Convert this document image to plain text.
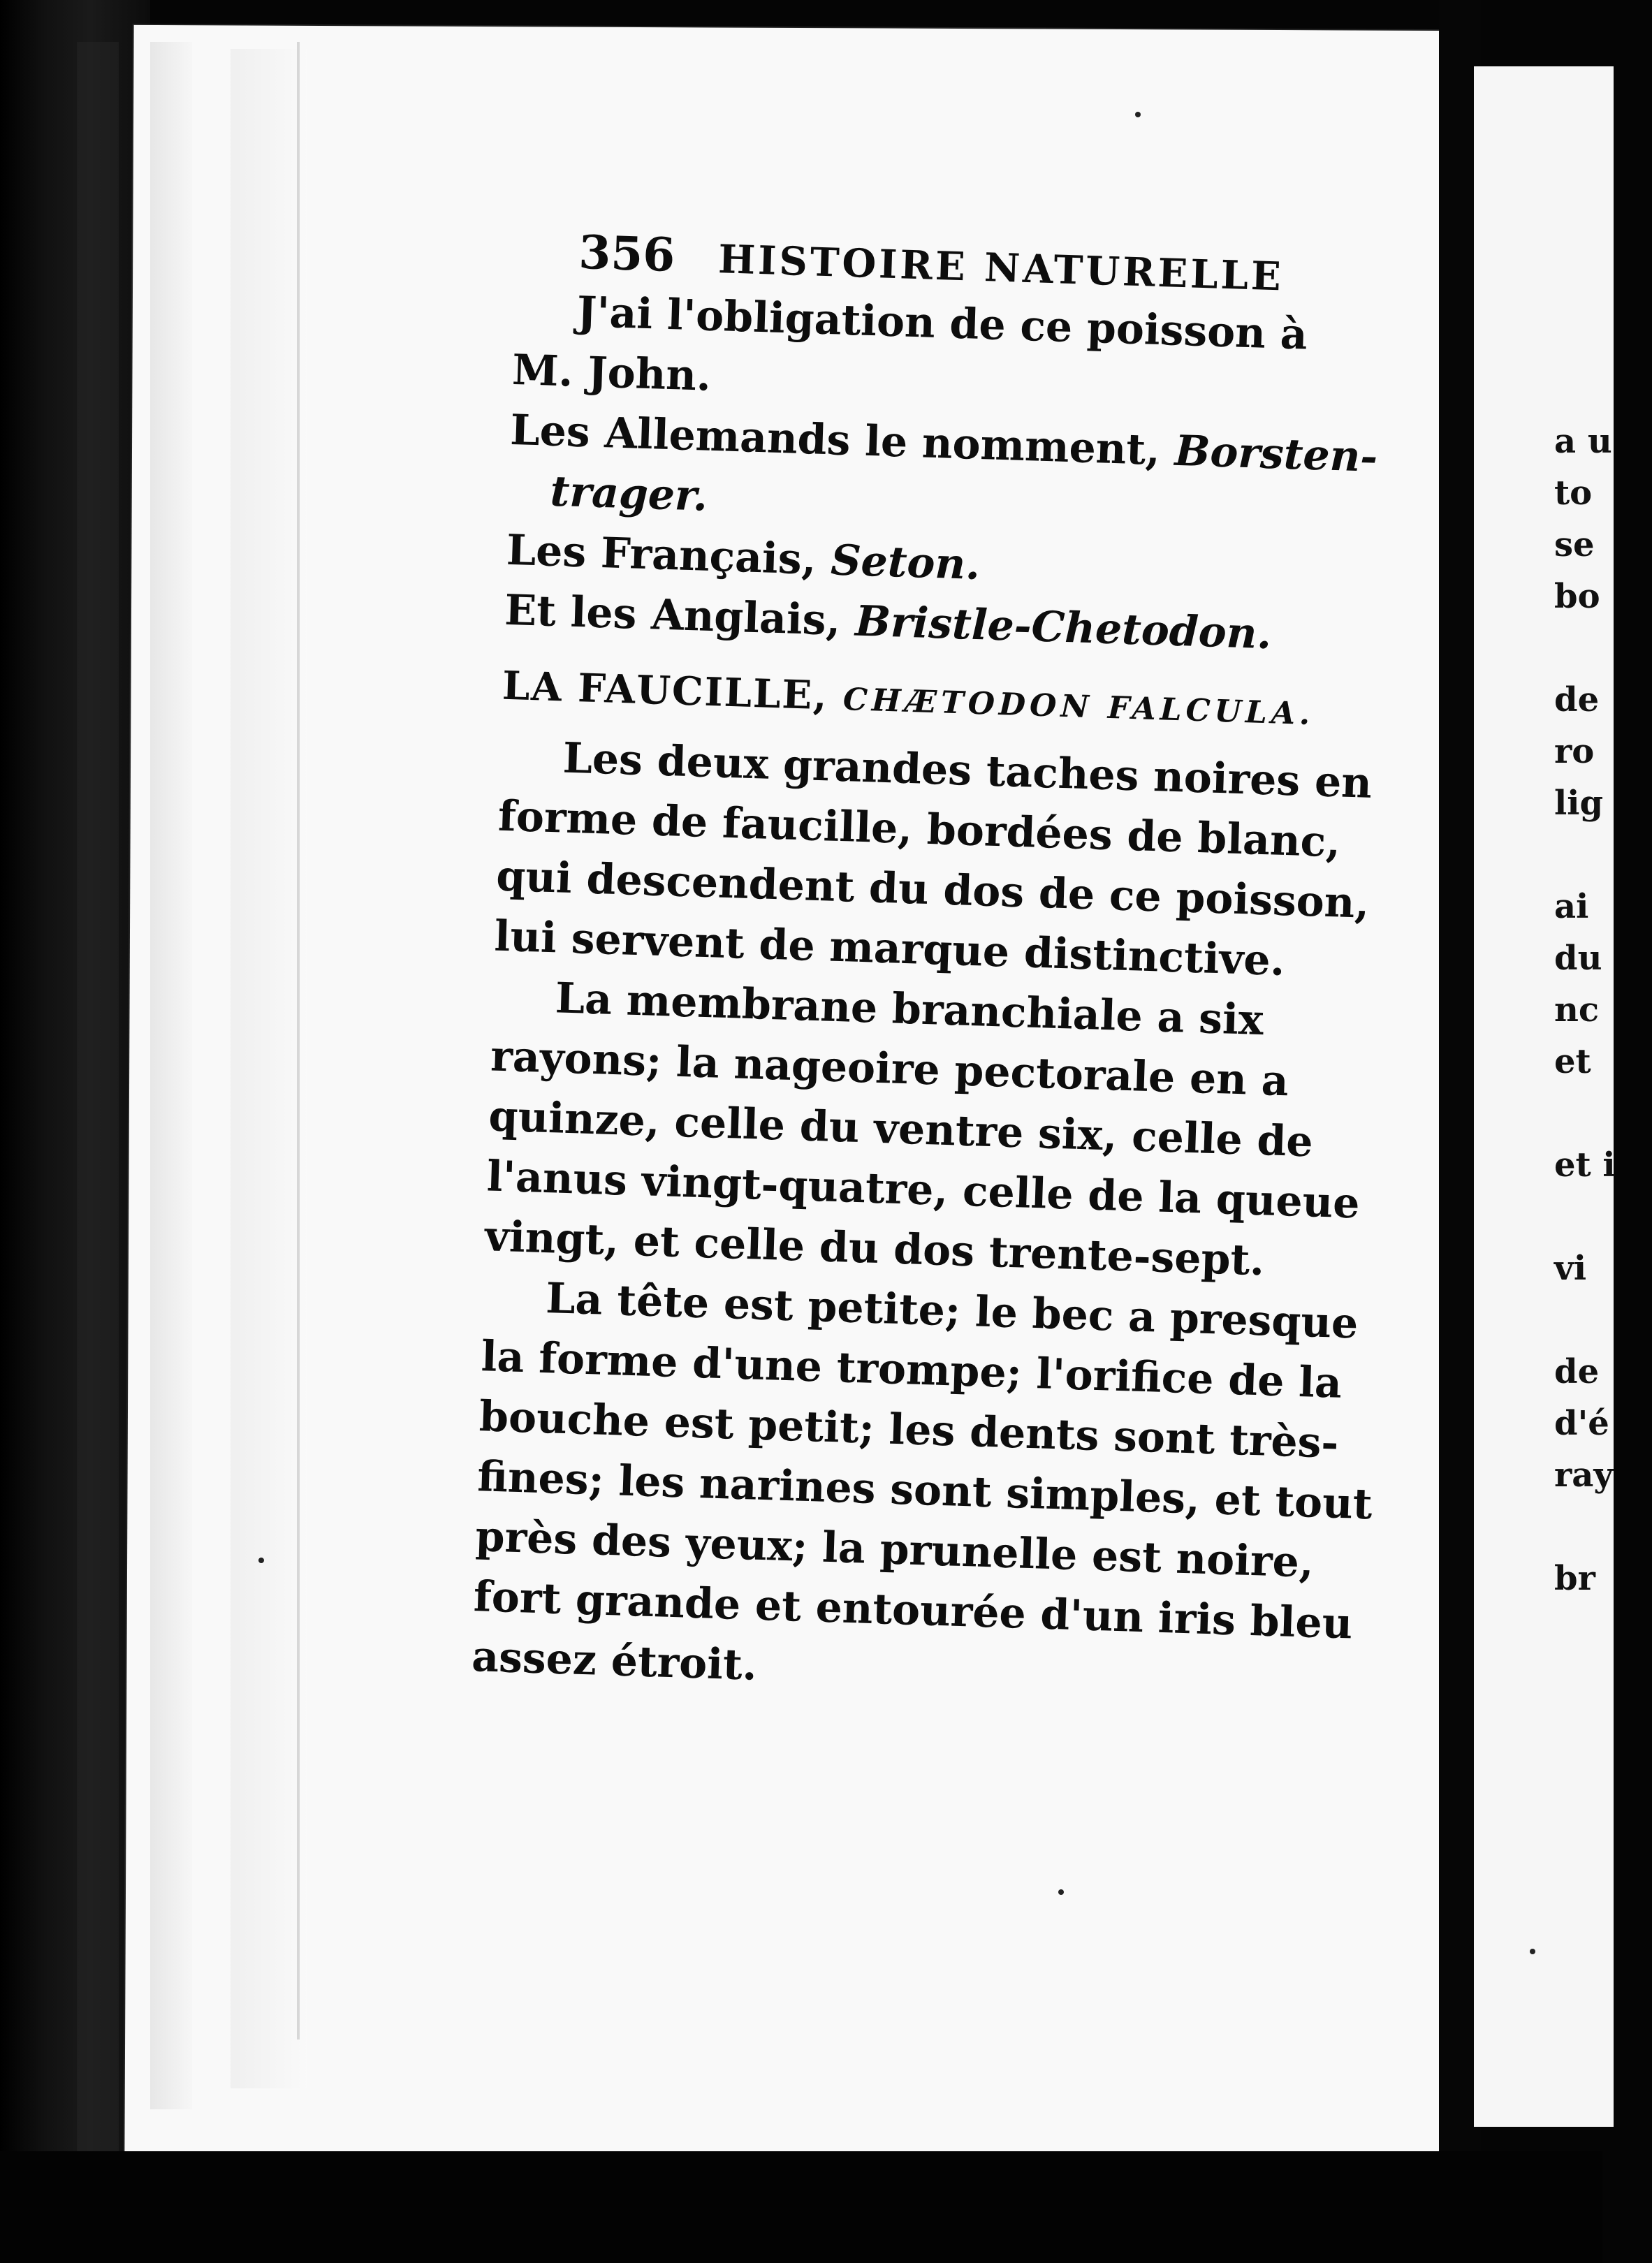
356 HISTOIRE NATURELLE

J'ai l'obligation de ce poisson à
M. John.

Les Allemands le nomment, Borsten-
trager.

Les Français, Seton.

Et les Anglais, Bristle-Chetodon.

LA FAUCILLE, CHÆTODON FALCULA.

Les deux grandes taches noires en
forme de faucille, bordées de blanc,
qui descendent du dos de ce poisson,
lui servent de marque distinctive.

La membrane branchiale a six
rayons; la nageoire pectorale en a
quinze, celle du ventre six, celle de
l'anus vingt-quatre, celle de la queue
vingt, et celle du dos trente-sept.

La tête est petite; le bec a presque
la forme d'une trompe; l'orifice de la
bouche est petit; les dents sont très-
fines; les narines sont simples, et tout
près des yeux; la prunelle est noire,
fort grande et entourée d'un iris bleu
assez étroit.

a u
to
se
bo

de
ro
lig

ai
du
nc
et

et i

vi

de
d'é
ray

br
